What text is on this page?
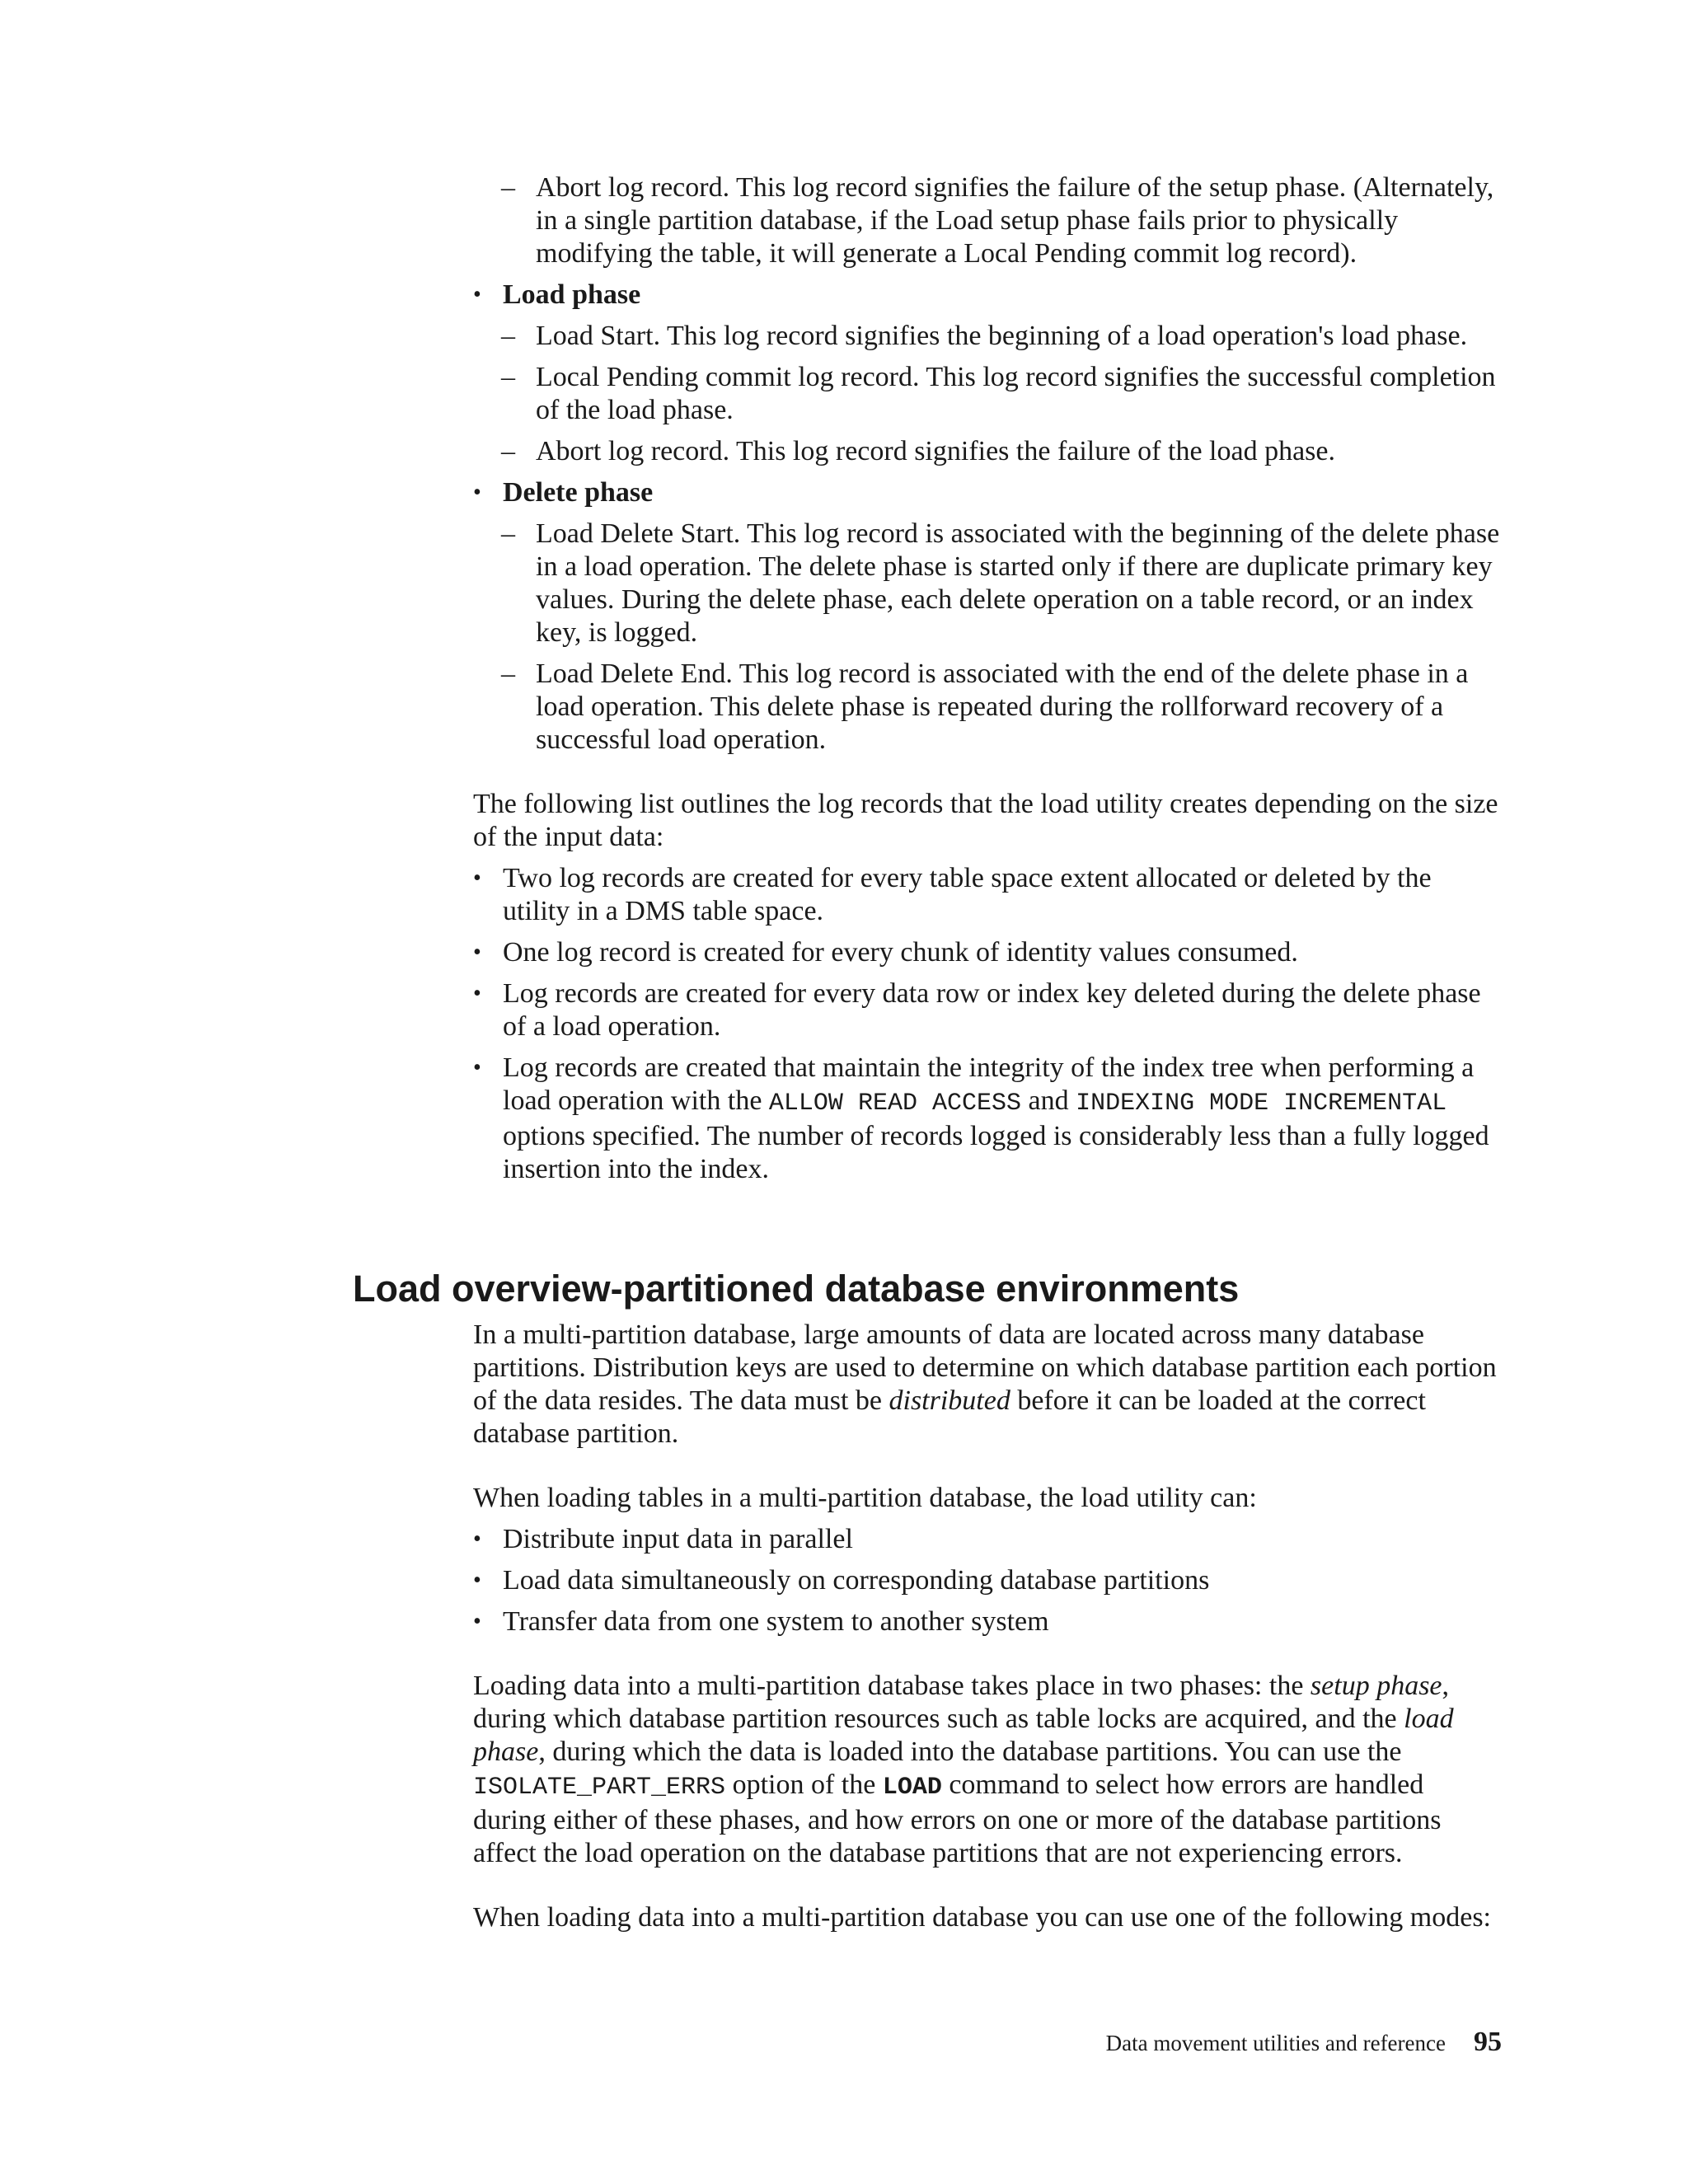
– Abort log record. This log record signifies the failure of the setup phase. (Alternately, in a single partition database, if the Load setup phase fails prior to physically modifying the table, it will generate a Local Pending commit log record).
• Load phase
– Load Start. This log record signifies the beginning of a load operation's load phase.
– Local Pending commit log record. This log record signifies the successful completion of the load phase.
– Abort log record. This log record signifies the failure of the load phase.
• Delete phase
– Load Delete Start. This log record is associated with the beginning of the delete phase in a load operation. The delete phase is started only if there are duplicate primary key values. During the delete phase, each delete operation on a table record, or an index key, is logged.
– Load Delete End. This log record is associated with the end of the delete phase in a load operation. This delete phase is repeated during the rollforward recovery of a successful load operation.

The following list outlines the log records that the load utility creates depending on the size of the input data:

• Two log records are created for every table space extent allocated or deleted by the utility in a DMS table space.
• One log record is created for every chunk of identity values consumed.
• Log records are created for every data row or index key deleted during the delete phase of a load operation.
• Log records are created that maintain the integrity of the index tree when performing a load operation with the ALLOW READ ACCESS and INDEXING MODE INCREMENTAL options specified. The number of records logged is considerably less than a fully logged insertion into the index.
Load overview-partitioned database environments

In a multi-partition database, large amounts of data are located across many database partitions. Distribution keys are used to determine on which database partition each portion of the data resides. The data must be distributed before it can be loaded at the correct database partition.

When loading tables in a multi-partition database, the load utility can:

• Distribute input data in parallel
• Load data simultaneously on corresponding database partitions
• Transfer data from one system to another system

Loading data into a multi-partition database takes place in two phases: the setup phase, during which database partition resources such as table locks are acquired, and the load phase, during which the data is loaded into the database partitions. You can use the ISOLATE_PART_ERRS option of the LOAD command to select how errors are handled during either of these phases, and how errors on one or more of the database partitions affect the load operation on the database partitions that are not experiencing errors.

When loading data into a multi-partition database you can use one of the following modes:

Data movement utilities and reference 95
